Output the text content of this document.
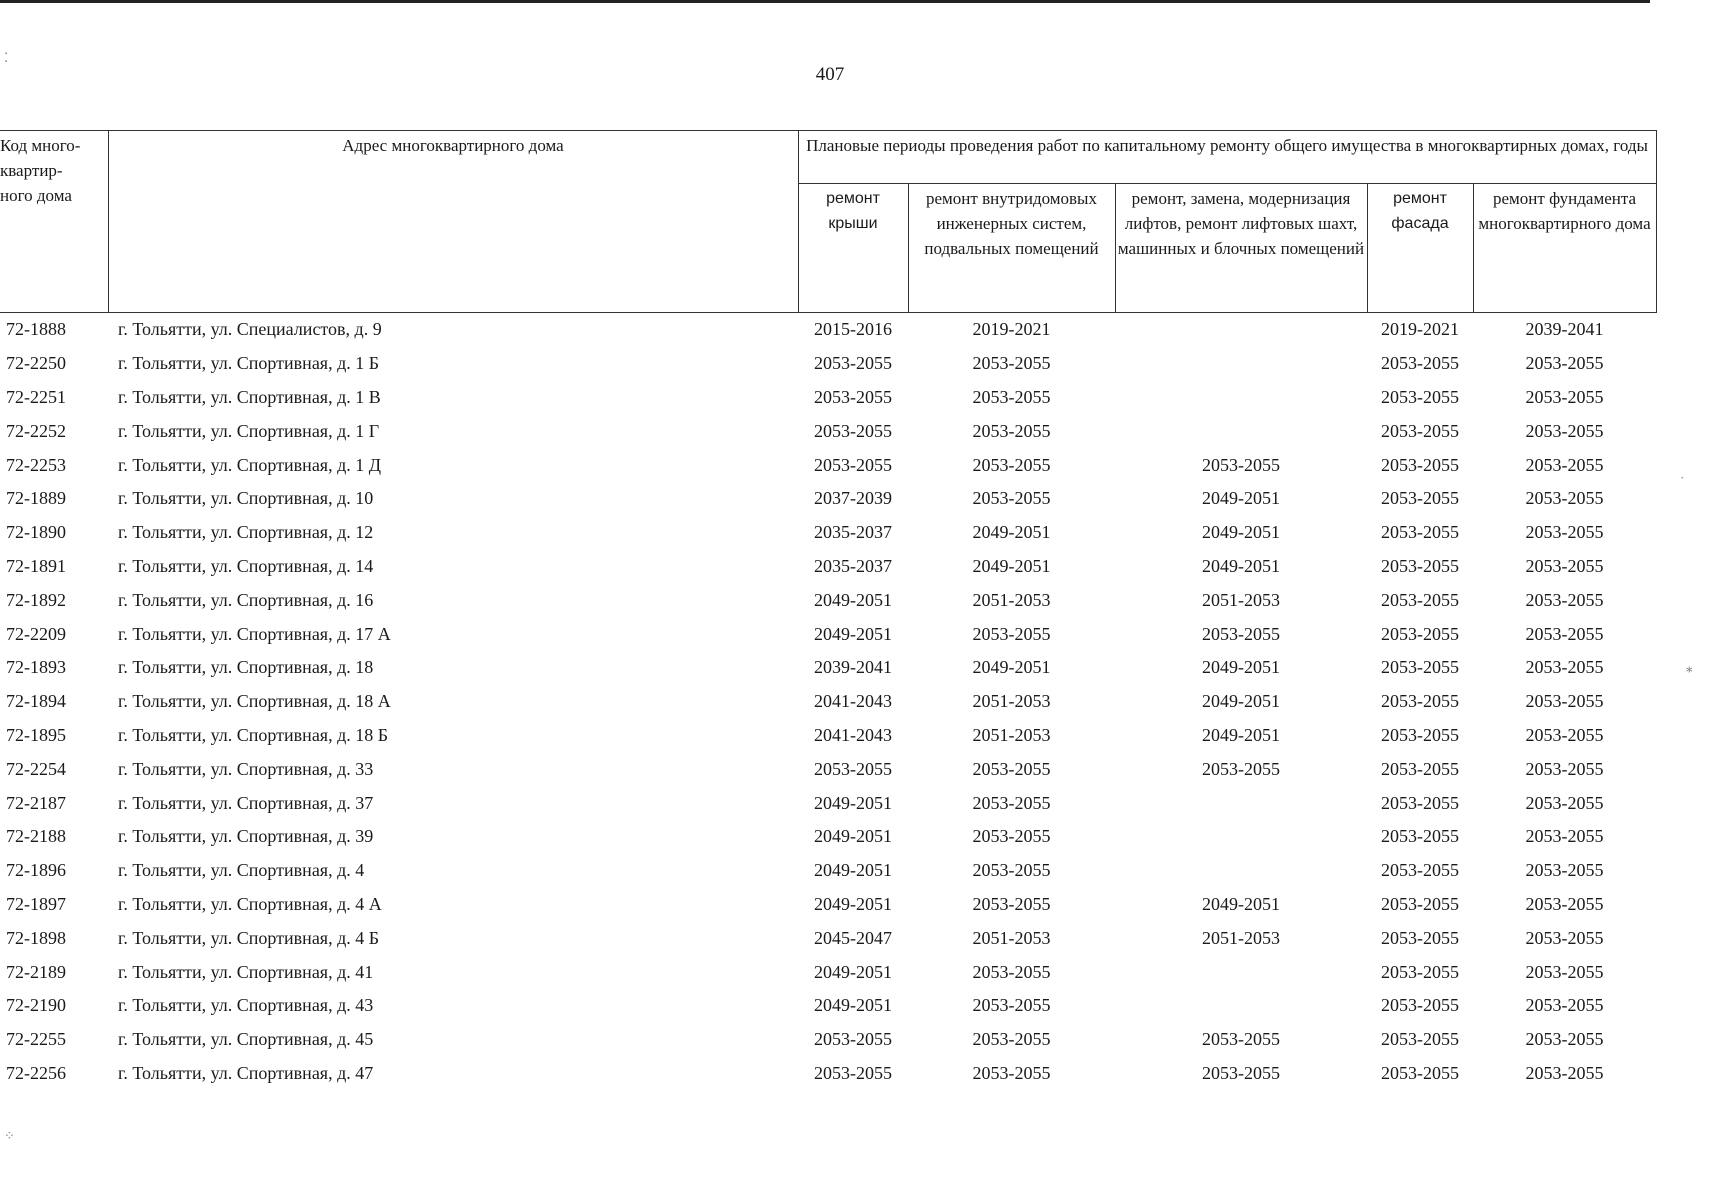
407
Код много-
квартир-
ного дома	Адрес многоквартирного дома	Плановые периоды проведения работ по капитальному ремонту общего имущества в многоквартирных домах, годы				
		ремонт крыши	ремонт внутридомовых инженерных систем, подвальных помещений	ремонт, замена, модернизация лифтов, ремонт лифтовых шахт, машинных и блочных помещений	ремонт фасада	ремонт фундамента многоквартирного дома
72-1888	г. Тольятти, ул. Специалистов, д. 9	2015-2016	2019-2021		2019-2021	2039-2041
72-2250	г. Тольятти, ул. Спортивная, д. 1 Б	2053-2055	2053-2055		2053-2055	2053-2055
72-2251	г. Тольятти, ул. Спортивная, д. 1 В	2053-2055	2053-2055		2053-2055	2053-2055
72-2252	г. Тольятти, ул. Спортивная, д. 1 Г	2053-2055	2053-2055		2053-2055	2053-2055
72-2253	г. Тольятти, ул. Спортивная, д. 1 Д	2053-2055	2053-2055	2053-2055	2053-2055	2053-2055
72-1889	г. Тольятти, ул. Спортивная, д. 10	2037-2039	2053-2055	2049-2051	2053-2055	2053-2055
72-1890	г. Тольятти, ул. Спортивная, д. 12	2035-2037	2049-2051	2049-2051	2053-2055	2053-2055
72-1891	г. Тольятти, ул. Спортивная, д. 14	2035-2037	2049-2051	2049-2051	2053-2055	2053-2055
72-1892	г. Тольятти, ул. Спортивная, д. 16	2049-2051	2051-2053	2051-2053	2053-2055	2053-2055
72-2209	г. Тольятти, ул. Спортивная, д. 17 А	2049-2051	2053-2055	2053-2055	2053-2055	2053-2055
72-1893	г. Тольятти, ул. Спортивная, д. 18	2039-2041	2049-2051	2049-2051	2053-2055	2053-2055
72-1894	г. Тольятти, ул. Спортивная, д. 18 А	2041-2043	2051-2053	2049-2051	2053-2055	2053-2055
72-1895	г. Тольятти, ул. Спортивная, д. 18 Б	2041-2043	2051-2053	2049-2051	2053-2055	2053-2055
72-2254	г. Тольятти, ул. Спортивная, д. 33	2053-2055	2053-2055	2053-2055	2053-2055	2053-2055
72-2187	г. Тольятти, ул. Спортивная, д. 37	2049-2051	2053-2055		2053-2055	2053-2055
72-2188	г. Тольятти, ул. Спортивная, д. 39	2049-2051	2053-2055		2053-2055	2053-2055
72-1896	г. Тольятти, ул. Спортивная, д. 4	2049-2051	2053-2055		2053-2055	2053-2055
72-1897	г. Тольятти, ул. Спортивная, д. 4 А	2049-2051	2053-2055	2049-2051	2053-2055	2053-2055
72-1898	г. Тольятти, ул. Спортивная, д. 4 Б	2045-2047	2051-2053	2051-2053	2053-2055	2053-2055
72-2189	г. Тольятти, ул. Спортивная, д. 41	2049-2051	2053-2055		2053-2055	2053-2055
72-2190	г. Тольятти, ул. Спортивная, д. 43	2049-2051	2053-2055		2053-2055	2053-2055
72-2255	г. Тольятти, ул. Спортивная, д. 45	2053-2055	2053-2055	2053-2055	2053-2055	2053-2055
72-2256	г. Тольятти, ул. Спортивная, д. 47	2053-2055	2053-2055	2053-2055	2053-2055	2053-2055
⁚
⁘
·
⁎
